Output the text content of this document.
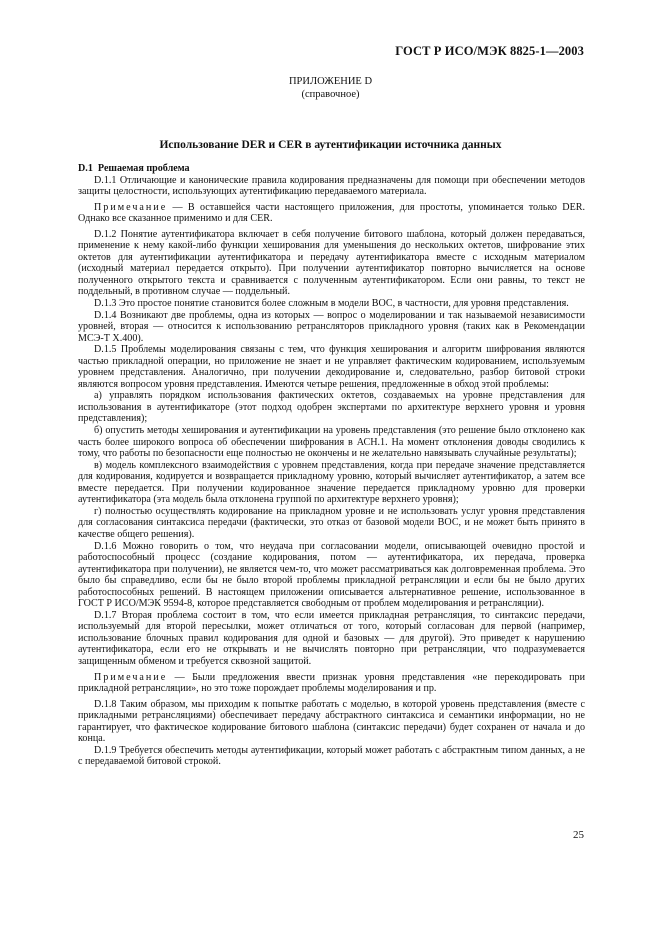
ГОСТ Р ИСО/МЭК 8825-1—2003
ПРИЛОЖЕНИЕ D
(справочное)
Использование DER и CER в аутентификации источника данных

D.1 Решаемая проблема

D.1.1 Отличающие и канонические правила кодирования предназначены для помощи при обеспечении методов защиты целостности, использующих аутентификацию передаваемого материала.

Примечание — В оставшейся части настоящего приложения, для простоты, упоминается только DER. Однако все сказанное применимо и для CER.

D.1.2 Понятие аутентификатора включает в себя получение битового шаблона, который должен передаваться, применение к нему какой-либо функции хеширования для уменьшения до нескольких октетов, шифрование этих октетов для аутентификации аутентификатора и передачу аутентификатора вместе с исходным материалом (исходный материал передается открыто). При получении аутентификатор повторно вычисляется на основе полученного открытого текста и сравнивается с полученным аутентификатором. Если они равны, то текст не поддельный, в противном случае — поддельный.

D.1.3 Это простое понятие становится более сложным в модели ВОС, в частности, для уровня представления.

D.1.4 Возникают две проблемы, одна из которых — вопрос о моделировании и так называемой независимости уровней, вторая — относится к использованию ретрансляторов прикладного уровня (таких как в Рекомендации МСЭ-Т Х.400).

D.1.5 Проблемы моделирования связаны с тем, что функция хеширования и алгоритм шифрования являются частью прикладной операции, но приложение не знает и не управляет фактическим кодированием, используемым уровнем представления. Аналогично, при получении декодирование и, следовательно, разбор битовой строки являются вопросом уровня представления. Имеются четыре решения, предложенные в обход этой проблемы:

а) управлять порядком использования фактических октетов, создаваемых на уровне представления для использования в аутентификаторе (этот подход одобрен экспертами по архитектуре верхнего уровня и уровня представления);

б) опустить методы хеширования и аутентификации на уровень представления (это решение было отклонено как часть более широкого вопроса об обеспечении шифрования в АСН.1. На момент отклонения доводы сводились к тому, что работы по безопасности еще полностью не окончены и не желательно навязывать случайные результаты);

в) модель комплексного взаимодействия с уровнем представления, когда при передаче значение представляется для кодирования, кодируется и возвращается прикладному уровню, который вычисляет аутентификатор, а затем все вместе передается. При получении кодированное значение передается прикладному уровню для проверки аутентификатора (эта модель была отклонена группой по архитектуре верхнего уровня);

г) полностью осуществлять кодирование на прикладном уровне и не использовать услуг уровня представления для согласования синтаксиса передачи (фактически, это отказ от базовой модели ВОС, и не может быть принято в качестве общего решения).

D.1.6 Можно говорить о том, что неудача при согласовании модели, описывающей очевидно простой и работоспособный процесс (создание кодирования, потом — аутентификатора, их передача, проверка аутентификатора при получении), не является чем-то, что может рассматриваться как долговременная проблема. Это было бы справедливо, если бы не было второй проблемы прикладной ретрансляции и если бы не было других работоспособных решений. В настоящем приложении описывается альтернативное решение, использованное в ГОСТ Р ИСО/МЭК 9594-8, которое представляется свободным от проблем моделирования и ретрансляции).

D.1.7 Вторая проблема состоит в том, что если имеется прикладная ретрансляция, то синтаксис передачи, используемый для второй пересылки, может отличаться от того, который согласован для первой (например, использование блочных правил кодирования для одной и базовых — для другой). Это приведет к нарушению аутентификатора, если его не открывать и не вычислять повторно при ретрансляции, что подразумевается защищенным обменом и требуется сквозной защитой.

Примечание — Были предложения ввести признак уровня представления «не перекодировать при прикладной ретрансляции», но это тоже порождает проблемы моделирования и пр.

D.1.8 Таким образом, мы приходим к попытке работать с моделью, в которой уровень представления (вместе с прикладными ретрансляциями) обеспечивает передачу абстрактного синтаксиса и семантики информации, но не гарантирует, что фактическое кодирование битового шаблона (синтаксис передачи) будет сохранен от начала и до конца.

D.1.9 Требуется обеспечить методы аутентификации, который может работать с абстрактным типом данных, а не с передаваемой битовой строкой.

25
